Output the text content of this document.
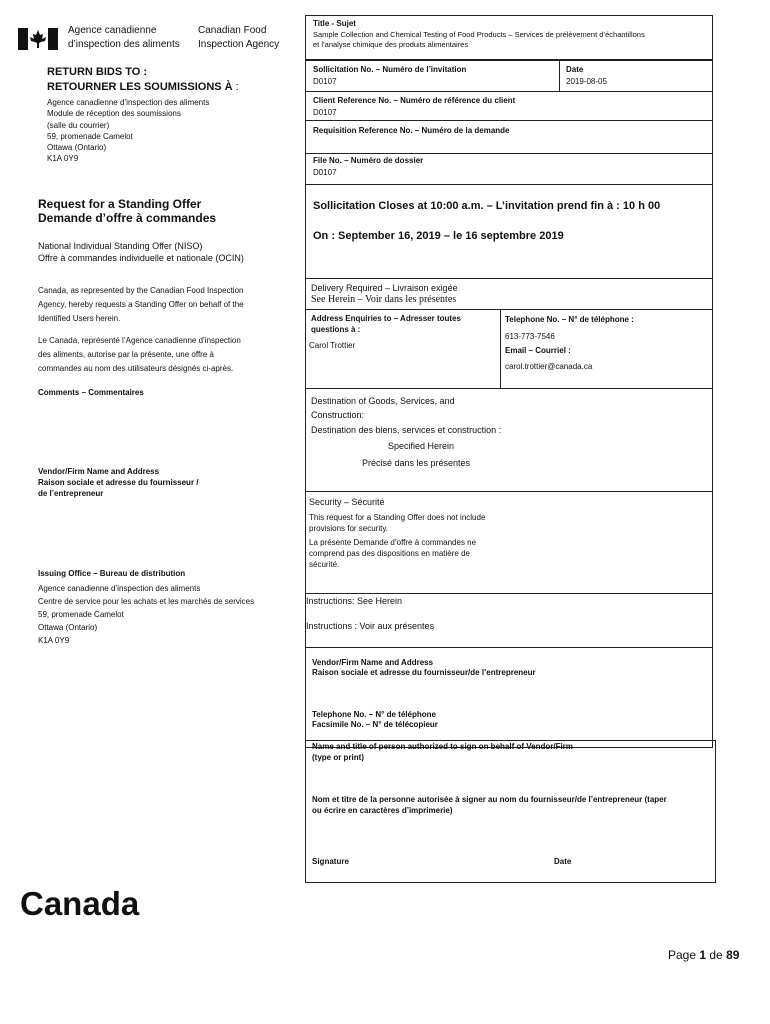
Agence canadienne
d’inspection des aliments
Canadian Food
Inspection Agency
RETURN BIDS TO :
RETOURNER LES SOUMISSIONS À :
Agence canadienne d’inspection des aliments
Module de réception des soumissions
(salle du courrier)
59, promenade Camelot
Ottawa (Ontario)
K1A 0Y9
Request for a Standing Offer
Demande d’offre à commandes
National Individual Standing Offer (NISO)
Offre à commandes individuelle et nationale (OCIN)
Canada, as represented by the Canadian Food Inspection
Agency, hereby requests a Standing Offer on behalf of the
Identified Users herein.
Le Canada, représenté l’Agence canadienne d’inspection
des aliments, autorise par la présente, une offre à
commandes au nom des utilisateurs désignés ci-après.
Comments – Commentaires
Vendor/Firm Name and Address
Raison sociale et adresse du fournisseur /
de l’entrepreneur
Issuing Office – Bureau de distribution
Agence canadienne d’inspection des aliments
Centre de service pour les achats et les marchés de services
59, promenade Camelot
Ottawa (Ontario)
K1A 0Y9
Canada
Title - Sujet
Sample Collection and Chemical Testing of Food Products – Services de prélèvement d’échantillons
et l’analyse chimique des produits alimentaires
Sollicitation No. – Numéro de l’invitation
D0107
Date
2019-08-05
Client Reference No. – Numéro de référence du client
D0107
Requisition Reference No. – Numéro de la demande
File No. – Numéro de dossier
D0107
Sollicitation Closes at 10:00 a.m. – L’invitation prend fin à : 10 h 00
On : September 16, 2019 – le 16 septembre 2019
Delivery Required – Livraison exigée
See Herein – Voir dans les présentes
Address Enquiries to – Adresser toutes
questions à :
Carol Trottier
Telephone No. – N° de téléphone :
613-773-7546
Email – Courriel :
carol.trottier@canada.ca
Destination of Goods, Services, and
Construction:
Destination des biens, services et construction :
Specified Herein
Précisé dans les présentes
Security – Sécurité
This request for a Standing Offer does not include
provisions for security.
La présente Demande d’offre à commandes ne
comprend pas des dispositions en matière de
sécurité.
Instructions: See Herein
Instructions : Voir aux présentes
Vendor/Firm Name and Address
Raison sociale et adresse du fournisseur/de l’entrepreneur
Telephone No. – N° de téléphone
Facsimile No. – N° de télécopieur
Name and title of person authorized to sign on behalf of Vendor/Firm
(type or print)
Nom et titre de la personne autorisée à signer au nom du fournisseur/de l’entrepreneur (taper
ou écrire en caractères d’imprimerie)
Signature	Date
Page 1 de 89
